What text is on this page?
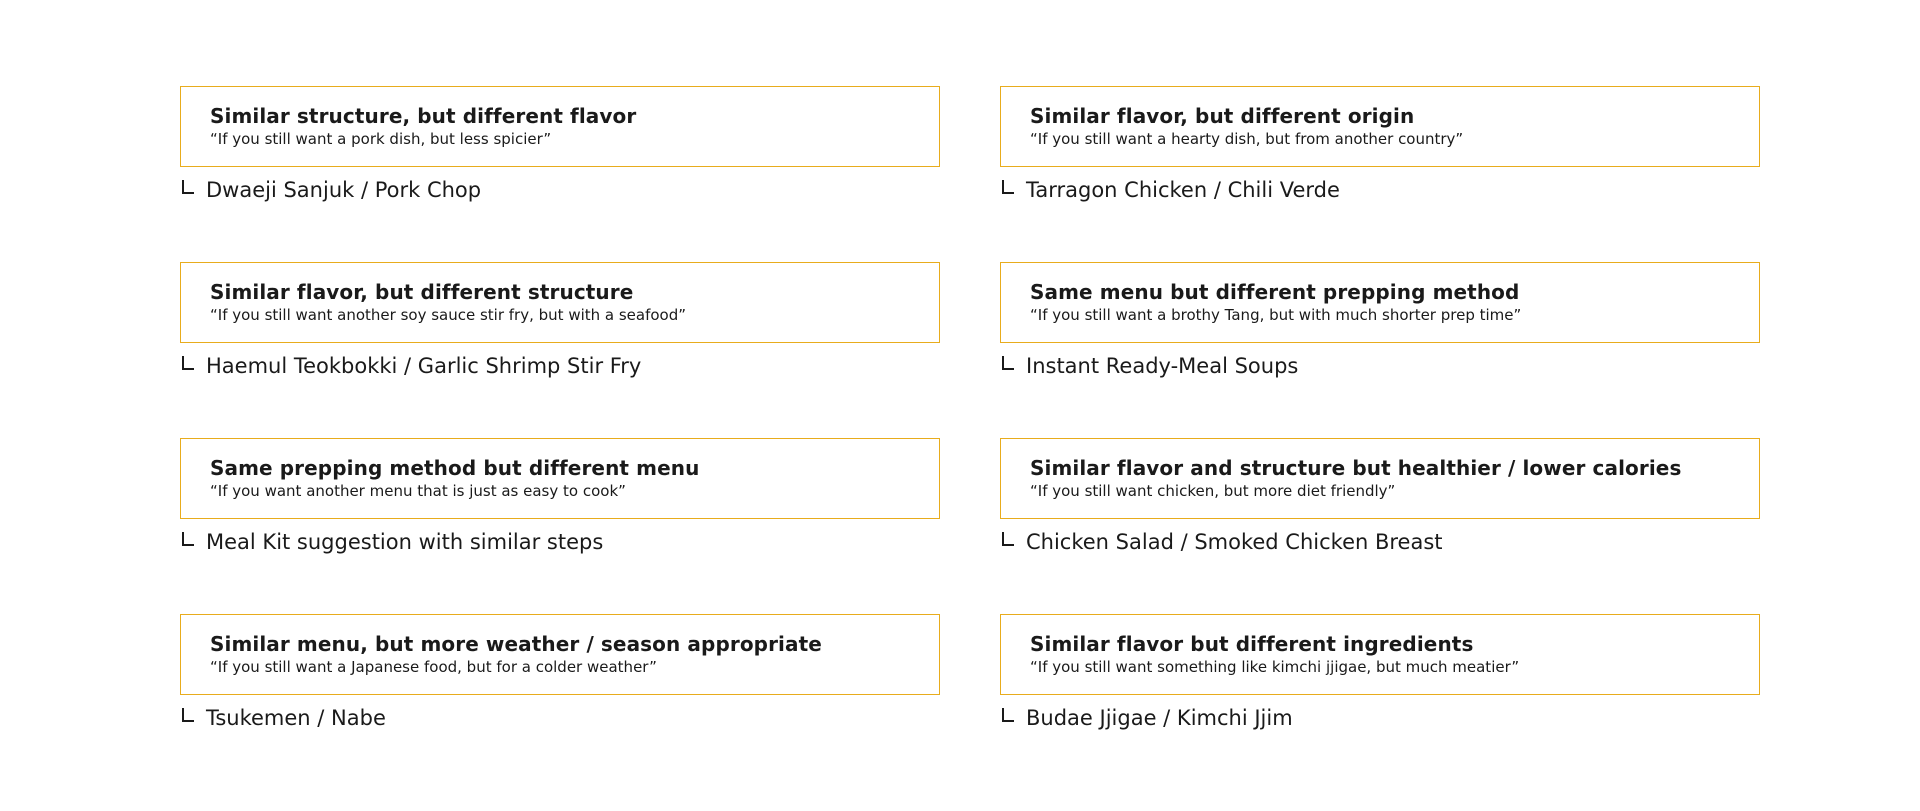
Similar structure, but different flavor
“If you still want a pork dish, but less spicier”
Dwaeji Sanjuk / Pork Chop
Similar flavor, but different origin
“If you still want a hearty dish, but from another country”
Tarragon Chicken / Chili Verde
Similar flavor, but different structure
“If you still want another soy sauce stir fry, but with a seafood”
Haemul Teokbokki / Garlic Shrimp Stir Fry
Same menu but different prepping method
“If you still want a brothy Tang, but with much shorter prep time”
Instant Ready-Meal Soups
Same prepping method but different menu
“If you want another menu that is just as easy to cook”
Meal Kit suggestion with similar steps
Similar flavor and structure but healthier / lower calories
“If you still want chicken, but more diet friendly”
Chicken Salad / Smoked Chicken Breast
Similar menu, but more weather / season appropriate
“If you still want a Japanese food, but for a colder weather”
Tsukemen / Nabe
Similar flavor but different ingredients
“If you still want something like kimchi jjigae, but much meatier”
Budae Jjigae / Kimchi Jjim
